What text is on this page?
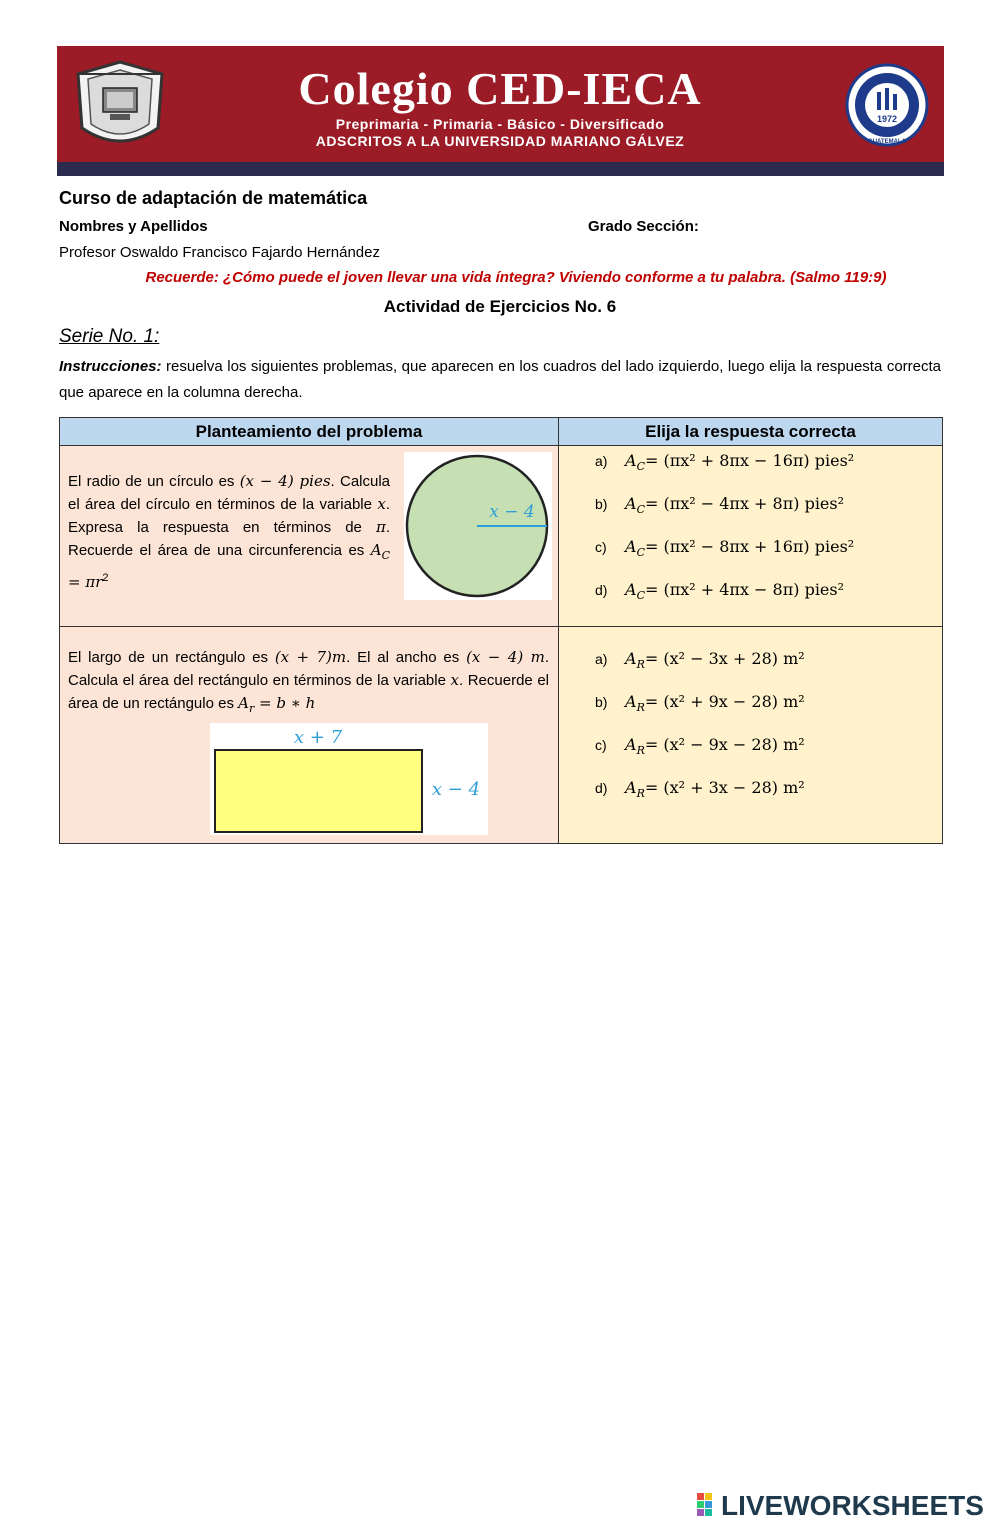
1972
GUATEMALA
Colegio CED-IECA
Preprimaria - Primaria - Básico - Diversificado
ADSCRITOS A LA UNIVERSIDAD MARIANO GÁLVEZ
Curso de adaptación de matemática
Nombres y Apellidos	Grado Sección:
Profesor Oswaldo Francisco Fajardo Hernández
Recuerde: ¿Cómo puede el joven llevar una vida íntegra? Viviendo conforme a tu palabra. (Salmo 119:9)
Actividad de Ejercicios No. 6
Serie No. 1:
Instrucciones: resuelva los siguientes problemas, que aparecen en los cuadros del lado izquierdo, luego elija la respuesta correcta que aparece en la columna derecha.
Planteamiento del problema	Elija la respuesta correcta
El radio de un círculo es (x − 4) pies. Calcula el área del círculo en términos de la variable x. Expresa la respuesta en términos de π. Recuerde el área de una circunferencia es $A_C = \pi r^2$
x − 4
a) $A_C= (\pi x^2 + 8\pi x - 16\pi)$ pies²
b) $A_C= (\pi x^2 - 4\pi x + 8\pi)$ pies²
c) $A_C= (\pi x^2 - 8\pi x + 16\pi)$ pies²
d) $A_C= (\pi x^2 + 4\pi x - 8\pi)$ pies²
El largo de un rectángulo es (x + 7)m. El al ancho es (x − 4) m. Calcula el área del rectángulo en términos de la variable x. Recuerde el área de un rectángulo es $A_r = b$ ∗ h
x + 7
x − 4
a) $A_R= (x^2 - 3x + 28)$ m²
b) $A_R= (x^2 + 9x - 28)$ m²
c) $A_R= (x^2 - 9x - 28)$ m²
d) $A_R= (x^2 + 3x - 28)$ m²
LIVEWORKSHEETS
